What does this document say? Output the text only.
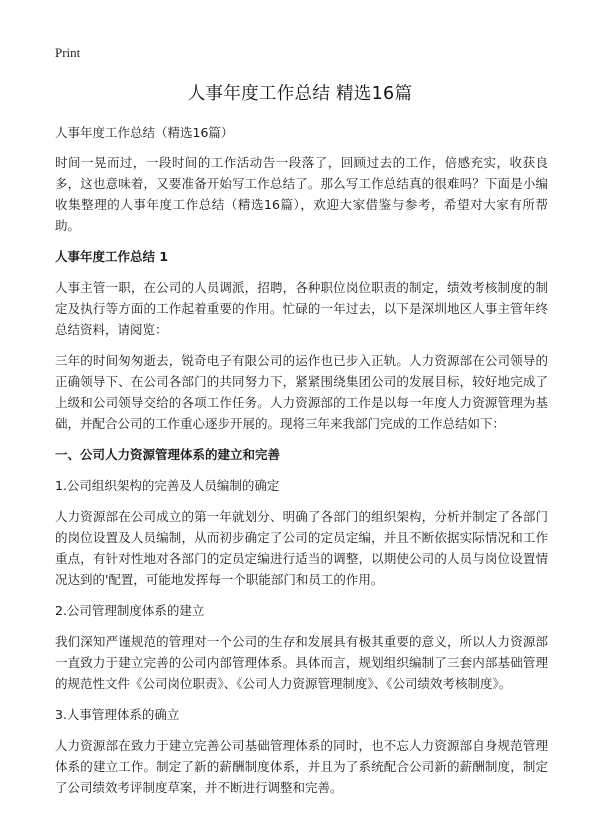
Print
人事年度工作总结 精选16篇

人事年度工作总结（精选16篇）

时间一晃而过，一段时间的工作活动告一段落了，回顾过去的工作，倍感充实，收获良多，这也意味着，又要准备开始写工作总结了。那么写工作总结真的很难吗？下面是小编收集整理的人事年度工作总结（精选16篇），欢迎大家借鉴与参考，希望对大家有所帮助。

人事年度工作总结 1

人事主管一职，在公司的人员调派，招聘，各种职位岗位职责的制定，绩效考核制度的制定及执行等方面的工作起着重要的作用。忙碌的一年过去，以下是深圳地区人事主管年终总结资料，请阅览：

三年的时间匆匆逝去，锐奇电子有限公司的运作也已步入正轨。人力资源部在公司领导的正确领导下、在公司各部门的共同努力下，紧紧围绕集团公司的发展目标，较好地完成了上级和公司领导交给的各项工作任务。人力资源部的工作是以每一年度人力资源管理为基础，并配合公司的工作重心逐步开展的。现将三年来我部门完成的工作总结如下：

一、公司人力资源管理体系的建立和完善

1.公司组织架构的完善及人员编制的确定

人力资源部在公司成立的第一年就划分、明确了各部门的组织架构，分析并制定了各部门的岗位设置及人员编制，从而初步确定了公司的定员定编，并且不断依据实际情况和工作重点，有针对性地对各部门的定员定编进行适当的调整，以期使公司的人员与岗位设置情况达到的'配置，可能地发挥每一个职能部门和员工的作用。

2.公司管理制度体系的建立

我们深知严谨规范的管理对一个公司的生存和发展具有极其重要的意义，所以人力资源部一直致力于建立完善的公司内部管理体系。具体而言，规划组织编制了三套内部基础管理的规范性文件《公司岗位职责》、《公司人力资源管理制度》、《公司绩效考核制度》。

3.人事管理体系的确立

人力资源部在致力于建立完善公司基础管理体系的同时，也不忘人力资源部自身规范管理体系的建立工作。制定了新的薪酬制度体系，并且为了系统配合公司新的薪酬制度，制定了公司绩效考评制度草案，并不断进行调整和完善。
